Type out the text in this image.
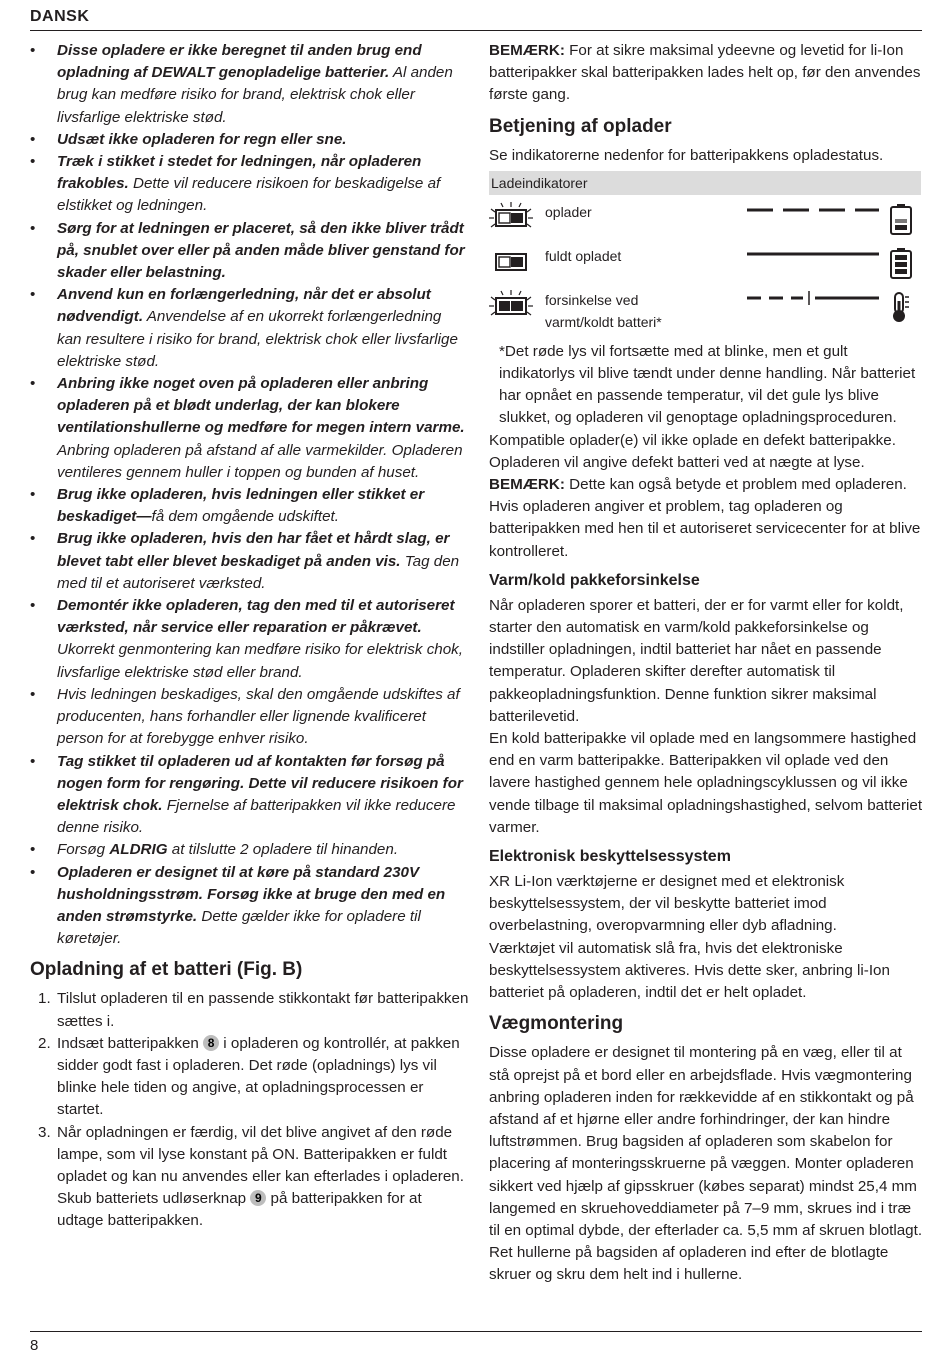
DANSK

• Disse opladere er ikke beregnet til anden brug end opladning af DEWALT genopladelige batterier. Al anden brug kan medføre risiko for brand, elektrisk chok eller livsfarlige elektriske stød.

• Udsæt ikke opladeren for regn eller sne.

• Træk i stikket i stedet for ledningen, når opladeren frakobles. Dette vil reducere risikoen for beskadigelse af elstikket og ledningen.

• Sørg for at ledningen er placeret, så den ikke bliver trådt på, snublet over eller på anden måde bliver genstand for skader eller belastning.

• Anvend kun en forlængerledning, når det er absolut nødvendigt. Anvendelse af en ukorrekt forlængerledning kan resultere i risiko for brand, elektrisk chok eller livsfarlige elektriske stød.

• Anbring ikke noget oven på opladeren eller anbring opladeren på et blødt underlag, der kan blokere ventilationshullerne og medføre for megen intern varme. Anbring opladeren på afstand af alle varmekilder. Opladeren ventileres gennem huller i toppen og bunden af huset.

• Brug ikke opladeren, hvis ledningen eller stikket er beskadiget—få dem omgående udskiftet.

• Brug ikke opladeren, hvis den har fået et hårdt slag, er blevet tabt eller blevet beskadiget på anden vis. Tag den med til et autoriseret værksted.

• Demontér ikke opladeren, tag den med til et autoriseret værksted, når service eller reparation er påkrævet. Ukorrekt genmontering kan medføre risiko for elektrisk chok, livsfarlige elektriske stød eller brand.

• Hvis ledningen beskadiges, skal den omgående udskiftes af producenten, hans forhandler eller lignende kvalificeret person for at forebygge enhver risiko.

• Tag stikket til opladeren ud af kontakten før forsøg på nogen form for rengøring. Dette vil reducere risikoen for elektrisk chok. Fjernelse af batteripakken vil ikke reducere denne risiko.

• Forsøg ALDRIG at tilslutte 2 opladere til hinanden.

• Opladeren er designet til at køre på standard 230V husholdningsstrøm. Forsøg ikke at bruge den med en anden strømstyrke. Dette gælder ikke for opladere til køretøjer.

Opladning af et batteri (Fig. B)

1. Tilslut opladeren til en passende stikkontakt før batteripakken sættes i.

2. Indsæt batteripakken 8 i opladeren og kontrollér, at pakken sidder godt fast i opladeren. Det røde (opladnings) lys vil blinke hele tiden og angive, at opladningsprocessen er startet.

3. Når opladningen er færdig, vil det blive angivet af den røde lampe, som vil lyse konstant på ON. Batteripakken er fuldt opladet og kan nu anvendes eller kan efterlades i opladeren. Skub batteriets udløserknap 9 på batteripakken for at udtage batteripakken.

BEMÆRK: For at sikre maksimal ydeevne og levetid for li-Ion batteripakker skal batteripakken lades helt op, før den anvendes første gang.

Betjening af oplader

Se indikatorerne nedenfor for batteripakkens opladestatus.

Ladeindikatorer
oplader
fuldt opladet
forsinkelse ved
varmt/koldt batteri*

*Det røde lys vil fortsætte med at blinke, men et gult indikatorlys vil blive tændt under denne handling. Når batteriet har opnået en passende temperatur, vil det gule lys blive slukket, og opladeren vil genoptage opladningsproceduren.

Kompatible oplader(e) vil ikke oplade en defekt batteripakke. Opladeren vil angive defekt batteri ved at nægte at lyse.

BEMÆRK: Dette kan også betyde et problem med opladeren.

Hvis opladeren angiver et problem, tag opladeren og batteripakken med hen til et autoriseret servicecenter for at blive kontrolleret.

Varm/kold pakkeforsinkelse

Når opladeren sporer et batteri, der er for varmt eller for koldt, starter den automatisk en varm/kold pakkeforsinkelse og indstiller opladningen, indtil batteriet har nået en passende temperatur. Opladeren skifter derefter automatisk til pakkeopladningsfunktion. Denne funktion sikrer maksimal batterilevetid.

En kold batteripakke vil oplade med en langsommere hastighed end en varm batteripakke. Batteripakken vil oplade ved den lavere hastighed gennem hele opladningscyklussen og vil ikke vende tilbage til maksimal opladningshastighed, selvom batteriet varmer.

Elektronisk beskyttelsessystem

XR Li-Ion værktøjerne er designet med et elektronisk beskyttelsessystem, der vil beskytte batteriet imod overbelastning, overopvarmning eller dyb afladning.

Værktøjet vil automatisk slå fra, hvis det elektroniske beskyttelsessystem aktiveres. Hvis dette sker, anbring li-Ion batteriet på opladeren, indtil det er helt opladet.

Vægmontering

Disse opladere er designet til montering på en væg, eller til at stå oprejst på et bord eller en arbejdsflade. Hvis vægmontering anbring opladeren inden for rækkevidde af en stikkontakt og på afstand af et hjørne eller andre forhindringer, der kan hindre luftstrømmen. Brug bagsiden af opladeren som skabelon for placering af monteringsskruerne på væggen. Monter opladeren sikkert ved hjælp af gipsskruer (købes separat) mindst 25,4 mm langemed en skruehoveddiameter på 7–9 mm, skrues ind i træ til en optimal dybde, der efterlader ca. 5,5 mm af skruen blotlagt. Ret hullerne på bagsiden af opladeren ind efter de blotlagte skruer og skru dem helt ind i hullerne.

8
